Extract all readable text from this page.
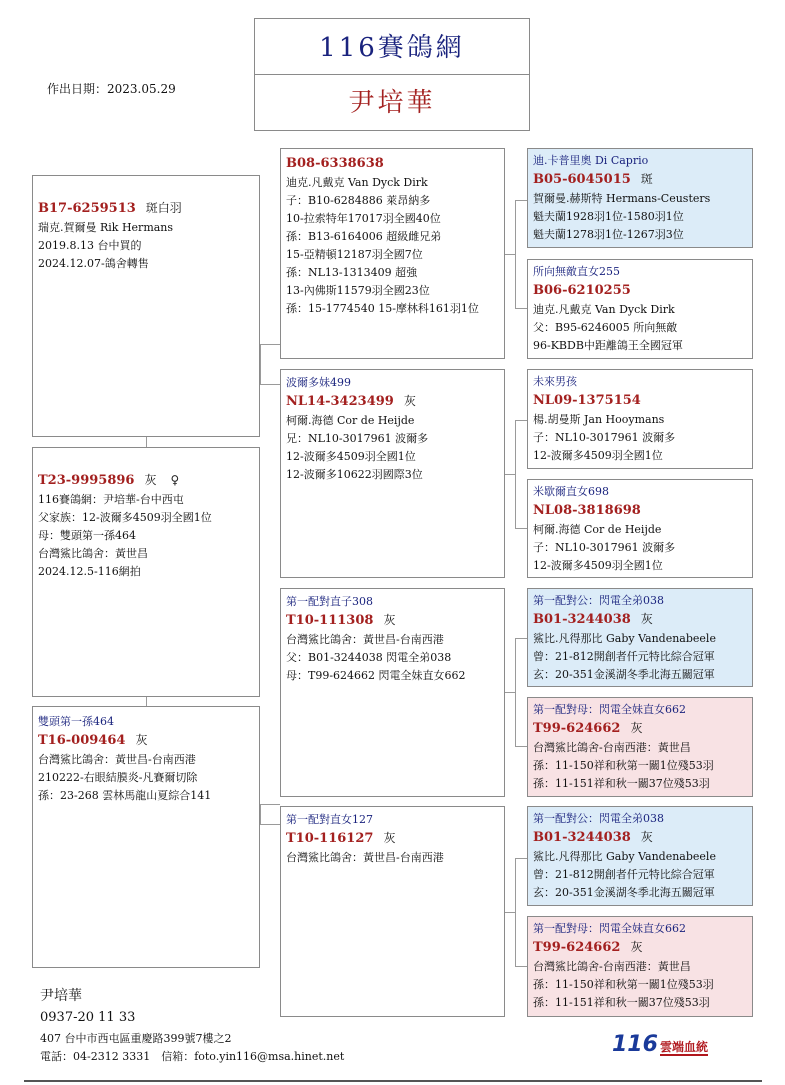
116賽鴿網
尹培華
作出日期：2023.05.29
B17-6259513 斑白羽
瑞克.賀爾曼 Rik Hermans
2019.8.13 台中買的
2024.12.07-鴿舍轉售
T23-9995896 灰 ♀
116賽鴿網：尹培華-台中西屯
父家族：12-波爾多4509羽全國1位
母：雙頭第一孫464
台灣鯊比鴿舍：黃世昌
2024.12.5-116網拍
雙頭第一孫464
T16-009464 灰
台灣鯊比鴿舍：黃世昌-台南西港
210222-右眼結膜炎-凡賽爾切除
孫：23-268 雲林馬龍山夏綜合141
B08-6338638
迪克.凡戴克 Van Dyck Dirk
子：B10-6284886 萊昂納多
10-拉索特年17017羽全國40位
孫：B13-6164006 超級雌兄弟
15-亞精頓12187羽全國7位
孫：NL13-1313409 超強
13-內佛斯11579羽全國23位
孫：15-1774540 15-摩林科161羽1位
波爾多妹499
NL14-3423499 灰
柯爾.海德 Cor de Heijde
兄：NL10-3017961 波爾多
12-波爾多4509羽全國1位
12-波爾多10622羽國際3位
第一配對直子308
T10-111308 灰
台灣鯊比鴿舍：黃世昌-台南西港
父：B01-3244038 閃電全弟038
母：T99-624662 閃電全妹直女662
第一配對直女127
T10-116127 灰
台灣鯊比鴿舍：黃世昌-台南西港
迪.卡普里奧 Di Caprio
B05-6045015 斑
賀爾曼.赫斯特 Hermans-Ceusters
魁夫蘭1928羽1位-1580羽1位
魁夫蘭1278羽1位-1267羽3位
所向無敵直女255
B06-6210255
迪克.凡戴克 Van Dyck Dirk
父：B95-6246005 所向無敵
96-KBDB中距離鴿王全國冠軍
未來男孩
NL09-1375154
楊.胡曼斯 Jan Hooymans
子：NL10-3017961 波爾多
12-波爾多4509羽全國1位
米歇爾直女698
NL08-3818698
柯爾.海德 Cor de Heijde
子：NL10-3017961 波爾多
12-波爾多4509羽全國1位
第一配對公：閃電全弟038
B01-3244038 灰
鯊比.凡得那比 Gaby Vandenabeele
曾：21-812開創者仟元特比綜合冠軍
玄：20-351金溪湖冬季北海五關冠軍
第一配對母：閃電全妹直女662
T99-624662 灰
台灣鯊比鴿舍-台南西港：黃世昌
孫：11-150祥和秋第一關1位殘53羽
孫：11-151祥和秋一關37位殘53羽
第一配對公：閃電全弟038
B01-3244038 灰
鯊比.凡得那比 Gaby Vandenabeele
曾：21-812開創者仟元特比綜合冠軍
玄：20-351金溪湖冬季北海五關冠軍
第一配對母：閃電全妹直女662
T99-624662 灰
台灣鯊比鴿舍-台南西港：黃世昌
孫：11-150祥和秋第一關1位殘53羽
孫：11-151祥和秋一關37位殘53羽
尹培華
0937-20 11 33
407 台中市西屯區重慶路399號7樓之2
電話：04-2312 3331　信箱：foto.yin116@msa.hinet.net	116 雲端血統
